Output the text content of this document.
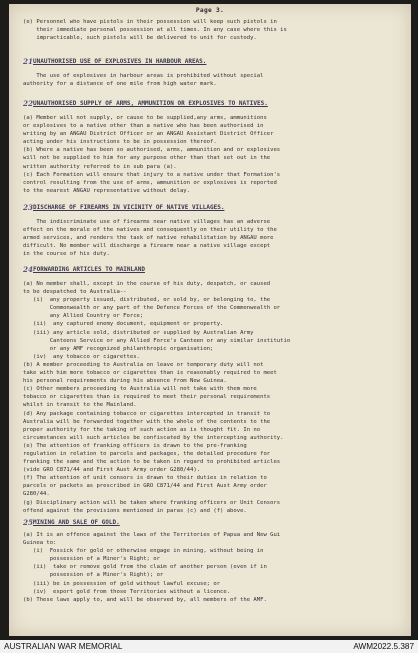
Page 3.
(e) Personnel who have pistols in their possession will keep such pistols in
their immediate personal possession at all times. In any case where this is
impracticable, such pistols will be delivered to unit for custody.
21 UNAUTHORISED USE OF EXPLOSIVES IN HARBOUR AREAS.
The use of explosives in harbour areas is prohibited without special
authority for a distance of one mile from high water mark.
22 UNAUTHORISED SUPPLY OF ARMS, AMMUNITION OR EXPLOSIVES TO NATIVES.
(a) Member will not supply, or cause to be supplied,any arms, ammunitions
or explosives to a native other than a native who has been authorised in
writing by an ANGAU District Officer or an ANGAU Assistant District Officer
acting under his instructions to be in possession thereof.
(b) Where a native has been so authorised, arms, ammunition and or explosives
will not be supplied to him for any purpose other than that set out in the
written authority referred to in sub para (a).
(c) Each Formation will ensure that injury to a native under that Formation's
control resulting from the use of arms, ammunition or explosives is reported
to the nearest ANGAU representative without delay.
23 DISCHARGE OF FIREARMS IN VICINITY OF NATIVE VILLAGES.
The indiscriminate use of firearms near native villages has an adverse
effect on the morale of the natives and consequently on their utility to the
armed services, and renders the task of native rehabilitation by ANGAU more
difficult. No member will discharge a firearm near a native village except
in the course of his duty.
24 FORWARDING ARTICLES TO MAINLAND
(a) No member shall, except in the course of his duty, despatch, or caused
to be despatched to Australia--
(i)  any property issued, distributed, or sold by, or belonging to, the
Commonwealth or any part of the Defence Forces of the Commonwealth or
any Allied Country or Force;
(ii)  any captured enemy document, equipment or property.
(iii) any article sold, distributed or supplied by Australian Army
Canteens Service or any Allied Force's Canteen or any similar institutio
or any AMF recognized philanthropic organisation;
(iv)  any tobacco or cigarettes.
(b) A member proceeding to Australia on leave or temporary duty will not
take with him more tobacco or cigarettes than is reasonably required to meet
his personal requirements during his absence from New Guinea.
(c) Other members proceeding to Australia will not take with them more
tobacco or cigarettes than is required to meet their personal requirements
whilst in transit to the Mainland.
(d) Any package containing tobacco or cigarettes intercepted in transit to
Australia will be forwarded together with the whole of the contents to the
proper authority for the taking of such action as is thought fit. In no
circumstances will such articles be confiscated by the intercepting authority.
(e) The attention of franking officers is drawn to the pre-franking
regulation in relation to parcels and packages, the detailed procedure for
franking the same and the action to be taken in regard to prohibited articles
(vide GRO C871/44 and First Aust Army order G280/44).
(f) The attention of unit censors is drawn to their duties in relation to
parcels or packets as prescribed in GRO C871/44 and First Aust Army order
G280/44.
(g) Disciplinary action will be taken where franking officers or Unit Censors
offend against the provisions mentioned in paras (c) and (f) above.
25 MINING AND SALE OF GOLD.
(a) It is an offence against the laws of the Territories of Papua and New Gui
Guinea to:
(i)  Fossick for gold or otherwise engage in mining, without being in
possession of a Miner's Right; or
(ii)  take or remove gold from the claim of another person (even if in
possession of a Miner's Right); or
(iii) be in possession of gold without lawful excuse; or
(iv)  export gold from those Territories without a licence.
(b) These laws apply to, and will be observed by, all members of the AMF.
AUSTRALIAN WAR MEMORIAL	AWM2022.5.387
